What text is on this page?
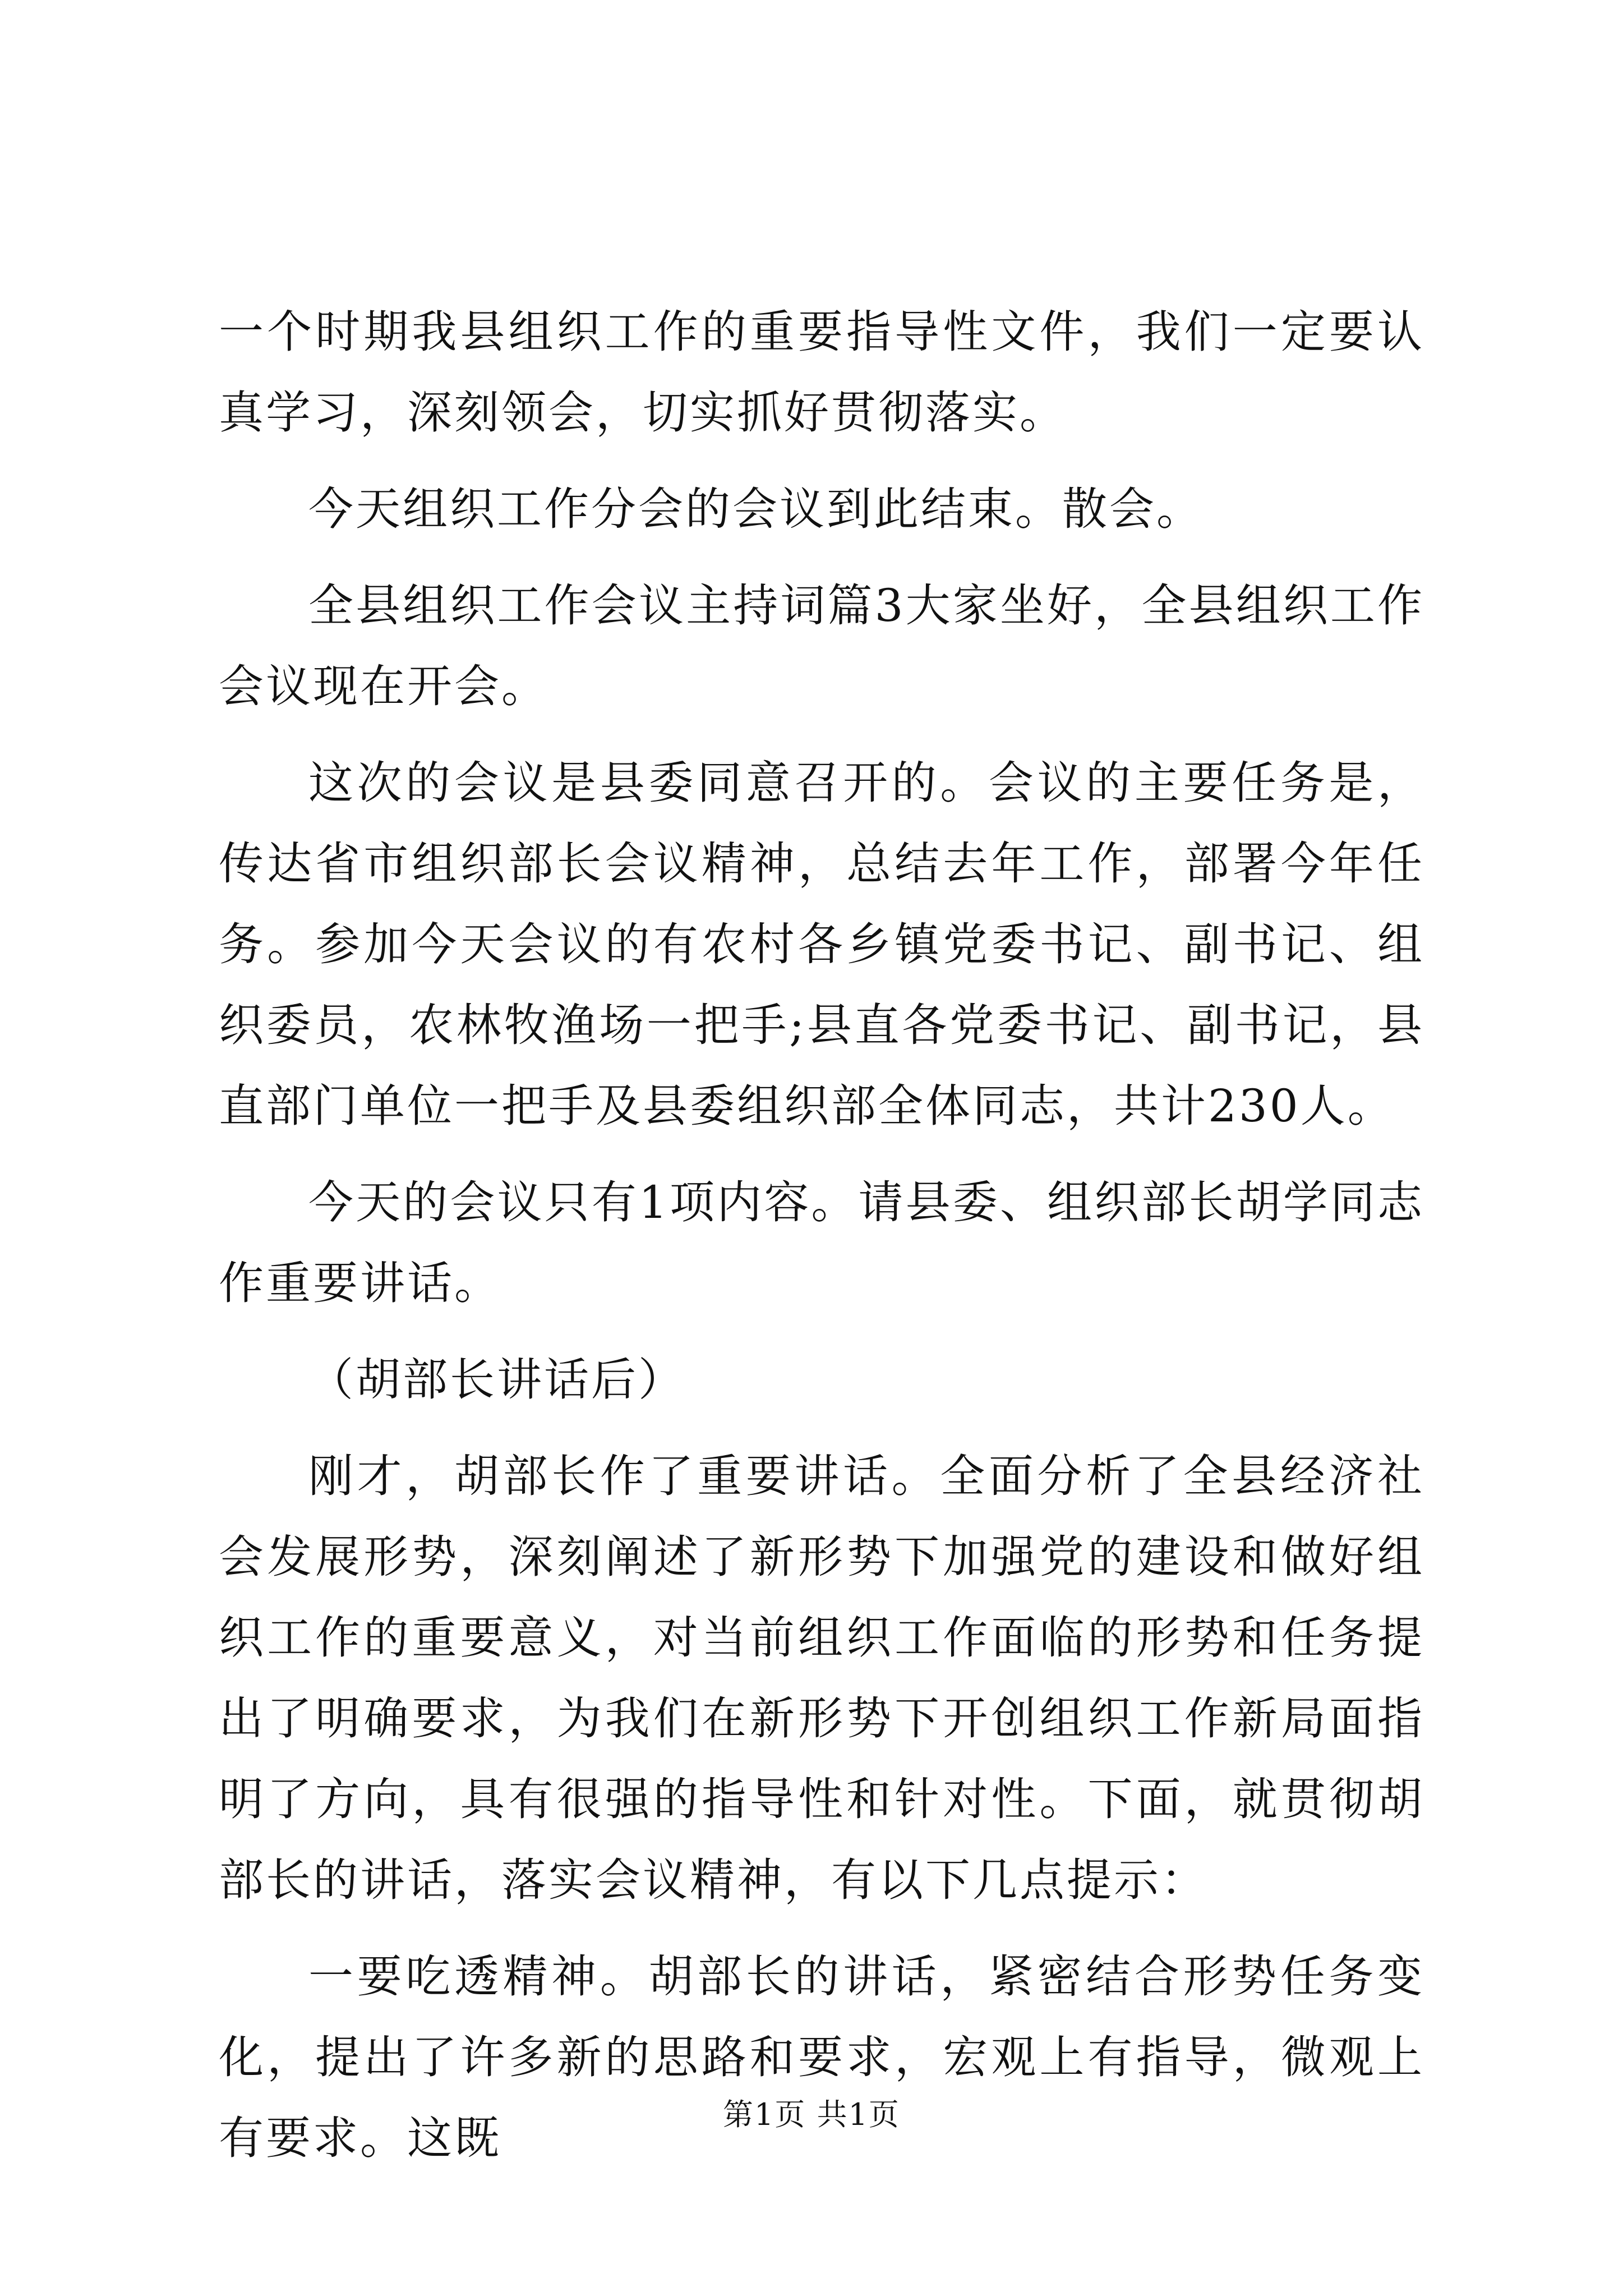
一个时期我县组织工作的重要指导性文件，我们一定要认真学习，深刻领会，切实抓好贯彻落实。

今天组织工作分会的会议到此结束。散会。

全县组织工作会议主持词篇3大家坐好，全县组织工作会议现在开会。

这次的会议是县委同意召开的。会议的主要任务是，传达省市组织部长会议精神，总结去年工作，部署今年任务。参加今天会议的有农村各乡镇党委书记、副书记、组织委员，农林牧渔场一把手;县直各党委书记、副书记，县直部门单位一把手及县委组织部全体同志，共计230人。

今天的会议只有1项内容。请县委、组织部长胡学同志作重要讲话。

（胡部长讲话后）

刚才，胡部长作了重要讲话。全面分析了全县经济社会发展形势，深刻阐述了新形势下加强党的建设和做好组织工作的重要意义，对当前组织工作面临的形势和任务提出了明确要求，为我们在新形势下开创组织工作新局面指明了方向，具有很强的指导性和针对性。下面，就贯彻胡部长的讲话，落实会议精神，有以下几点提示：

一要吃透精神。胡部长的讲话，紧密结合形势任务变化，提出了许多新的思路和要求，宏观上有指导，微观上有要求。这既	第1页 共1页
